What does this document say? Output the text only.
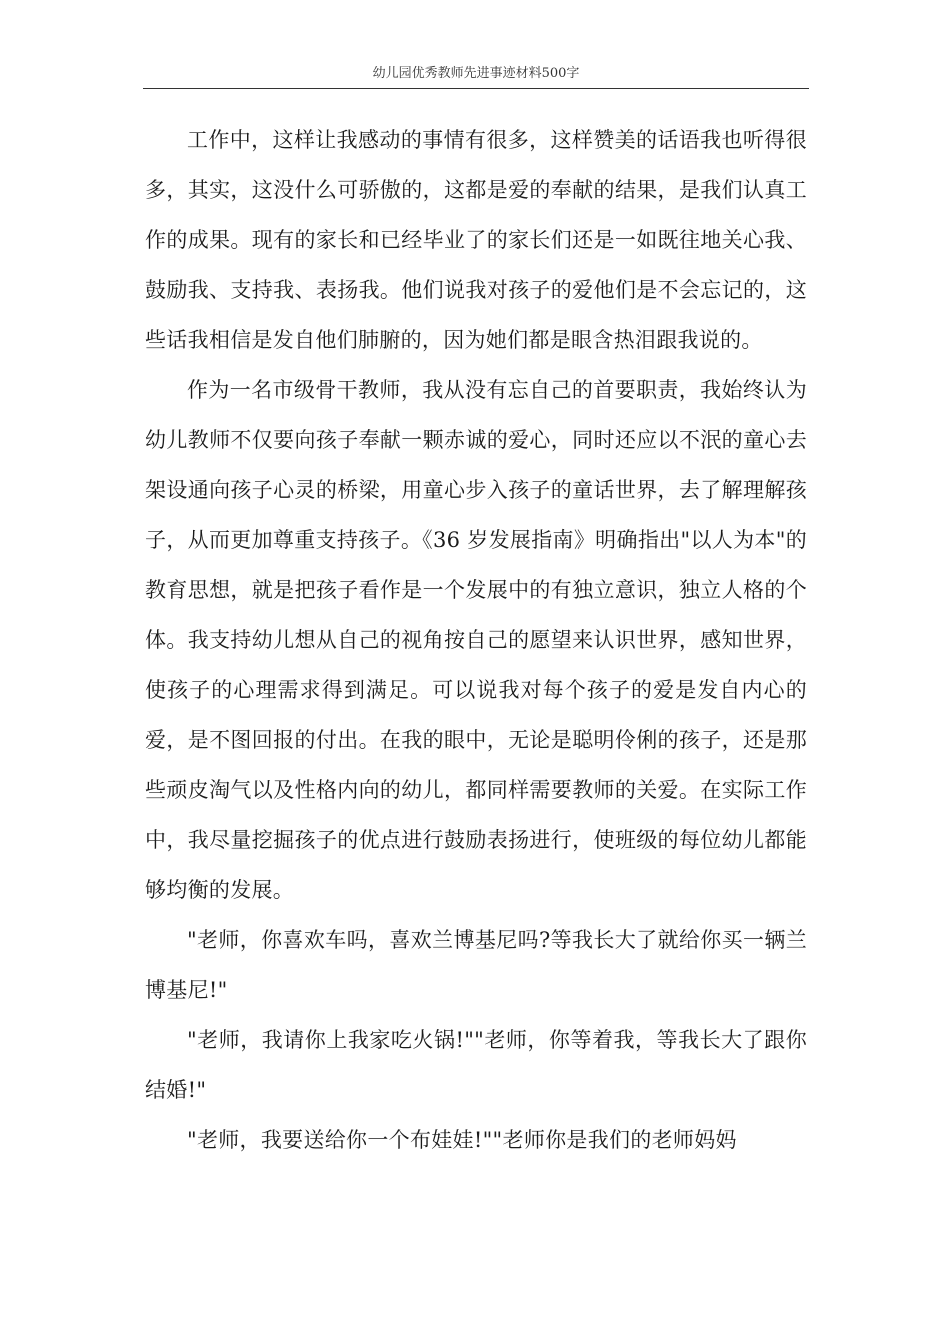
幼儿园优秀教师先进事迹材料500字

工作中，这样让我感动的事情有很多，这样赞美的话语我也听得很多，其实，这没什么可骄傲的，这都是爱的奉献的结果，是我们认真工作的成果。现有的家长和已经毕业了的家长们还是一如既往地关心我、鼓励我、支持我、表扬我。他们说我对孩子的爱他们是不会忘记的，这些话我相信是发自他们肺腑的，因为她们都是眼含热泪跟我说的。

作为一名市级骨干教师，我从没有忘自己的首要职责，我始终认为幼儿教师不仅要向孩子奉献一颗赤诚的爱心，同时还应以不泯的童心去架设通向孩子心灵的桥梁，用童心步入孩子的童话世界，去了解理解孩子，从而更加尊重支持孩子。《36 岁发展指南》明确指出"以人为本"的教育思想，就是把孩子看作是一个发展中的有独立意识，独立人格的个体。我支持幼儿想从自己的视角按自己的愿望来认识世界，感知世界，使孩子的心理需求得到满足。可以说我对每个孩子的爱是发自内心的爱，是不图回报的付出。在我的眼中，无论是聪明伶俐的孩子，还是那些顽皮淘气以及性格内向的幼儿，都同样需要教师的关爱。在实际工作中，我尽量挖掘孩子的优点进行鼓励表扬进行，使班级的每位幼儿都能够均衡的发展。

"老师，你喜欢车吗，喜欢兰博基尼吗?等我长大了就给你买一辆兰博基尼!"

"老师，我请你上我家吃火锅!""老师，你等着我，等我长大了跟你结婚!"

"老师，我要送给你一个布娃娃!""老师你是我们的老师妈妈
